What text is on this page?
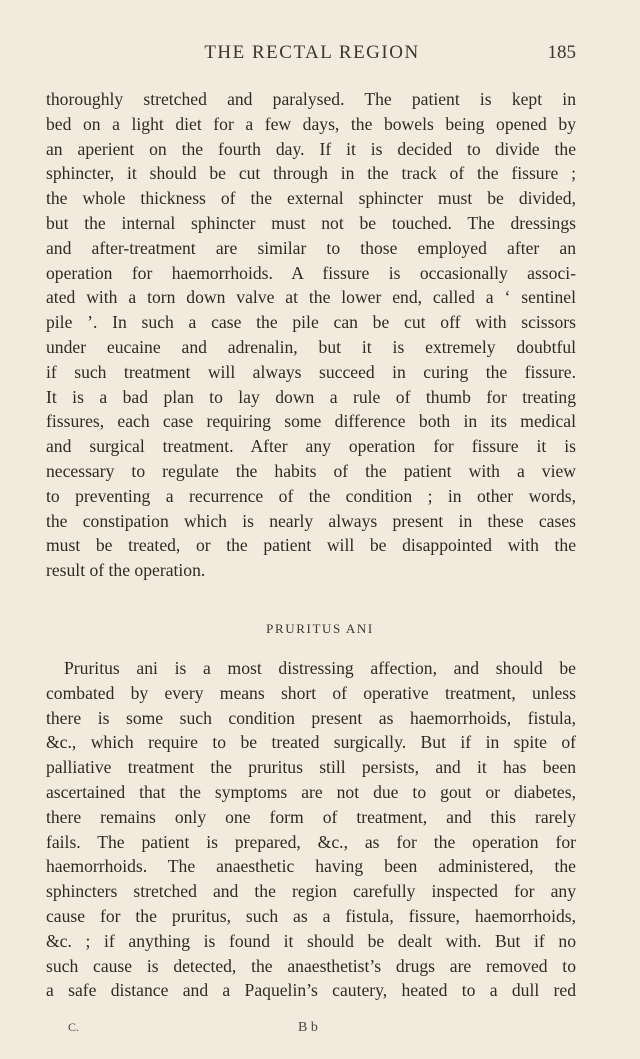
THE RECTAL REGION	185
thoroughly stretched and paralysed. The patient is kept in
bed on a light diet for a few days, the bowels being opened by
an aperient on the fourth day. If it is decided to divide the
sphincter, it should be cut through in the track of the fissure ;
the whole thickness of the external sphincter must be divided,
but the internal sphincter must not be touched. The dressings
and after-treatment are similar to those employed after an
operation for haemorrhoids. A fissure is occasionally associ-
ated with a torn down valve at the lower end, called a ‘ sentinel
pile ’. In such a case the pile can be cut off with scissors
under eucaine and adrenalin, but it is extremely doubtful
if such treatment will always succeed in curing the fissure.
It is a bad plan to lay down a rule of thumb for treating
fissures, each case requiring some difference both in its medical
and surgical treatment. After any operation for fissure it is
necessary to regulate the habits of the patient with a view
to preventing a recurrence of the condition ; in other words,
the constipation which is nearly always present in these cases
must be treated, or the patient will be disappointed with the
result of the operation.
PRURITUS ANI
Pruritus ani is a most distressing affection, and should be
combated by every means short of operative treatment, unless
there is some such condition present as haemorrhoids, fistula,
&c., which require to be treated surgically. But if in spite of
palliative treatment the pruritus still persists, and it has been
ascertained that the symptoms are not due to gout or diabetes,
there remains only one form of treatment, and this rarely
fails. The patient is prepared, &c., as for the operation for
haemorrhoids. The anaesthetic having been administered, the
sphincters stretched and the region carefully inspected for any
cause for the pruritus, such as a fistula, fissure, haemorrhoids,
&c. ; if anything is found it should be dealt with. But if no
such cause is detected, the anaesthetist’s drugs are removed to
a safe distance and a Paquelin’s cautery, heated to a dull red
C.	B b
